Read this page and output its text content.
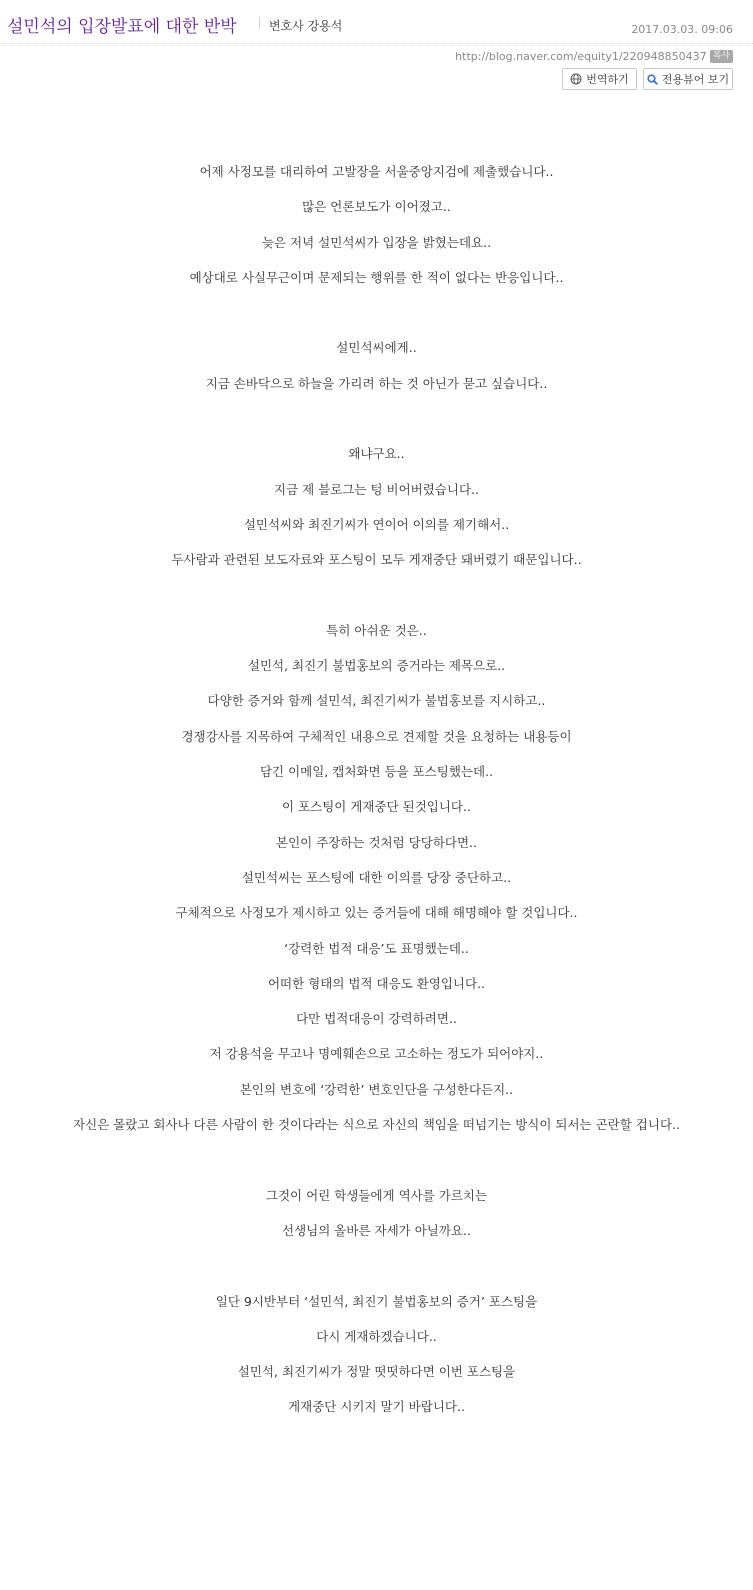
설민석의 입장발표에 대한 반박	변호사 강용석	2017.03.03. 09:06
http://blog.naver.com/equity1/220948850437 복사
번역하기	전용뷰어 보기

어제 사정모를 대리하여 고발장을 서울중앙지검에 제출했습니다..

많은 언론보도가 이어졌고..

늦은 저녁 설민석씨가 입장을 밝혔는데요..

예상대로 사실무근이며 문제되는 행위를 한 적이 없다는 반응입니다..

설민석씨에게..

지금 손바닥으로 하늘을 가리려 하는 것 아닌가 묻고 싶습니다..

왜냐구요..

지금 제 블로그는 텅 비어버렸습니다..

설민석씨와 최진기씨가 연이어 이의를 제기해서..

두사람과 관련된 보도자료와 포스팅이 모두 게재중단 돼버렸기 때문입니다..

특히 아쉬운 것은..

설민석, 최진기 불법홍보의 증거라는 제목으로..

다양한 증거와 함께 설민석, 최진기씨가 불법홍보를 지시하고..

경쟁강사를 지목하여 구체적인 내용으로 견제할 것을 요청하는 내용등이

담긴 이메일, 캡처화면 등을 포스팅했는데..

이 포스팅이 게재중단 된것입니다..

본인이 주장하는 것처럼 당당하다면..

설민석씨는 포스팅에 대한 이의를 당장 중단하고..

구체적으로 사정모가 제시하고 있는 증거들에 대해 해명해야 할 것입니다..

‘강력한 법적 대응’도 표명했는데..

어떠한 형태의 법적 대응도 환영입니다..

다만 법적대응이 강력하려면..

저 강용석을 무고나 명예훼손으로 고소하는 정도가 되어야지..

본인의 변호에 ‘강력한’ 변호인단을 구성한다든지..

자신은 몰랐고 회사나 다른 사람이 한 것이다라는 식으로 자신의 책임을 떠넘기는 방식이 되서는 곤란할 겁니다..

그것이 어린 학생들에게 역사를 가르치는

선생님의 올바른 자세가 아닐까요..

일단 9시반부터 ‘설민석, 최진기 불법홍보의 증거’ 포스팅을

다시 게재하겠습니다..

설민석, 최진기씨가 정말 떳떳하다면 이번 포스팅을

게재중단 시키지 말기 바랍니다..
